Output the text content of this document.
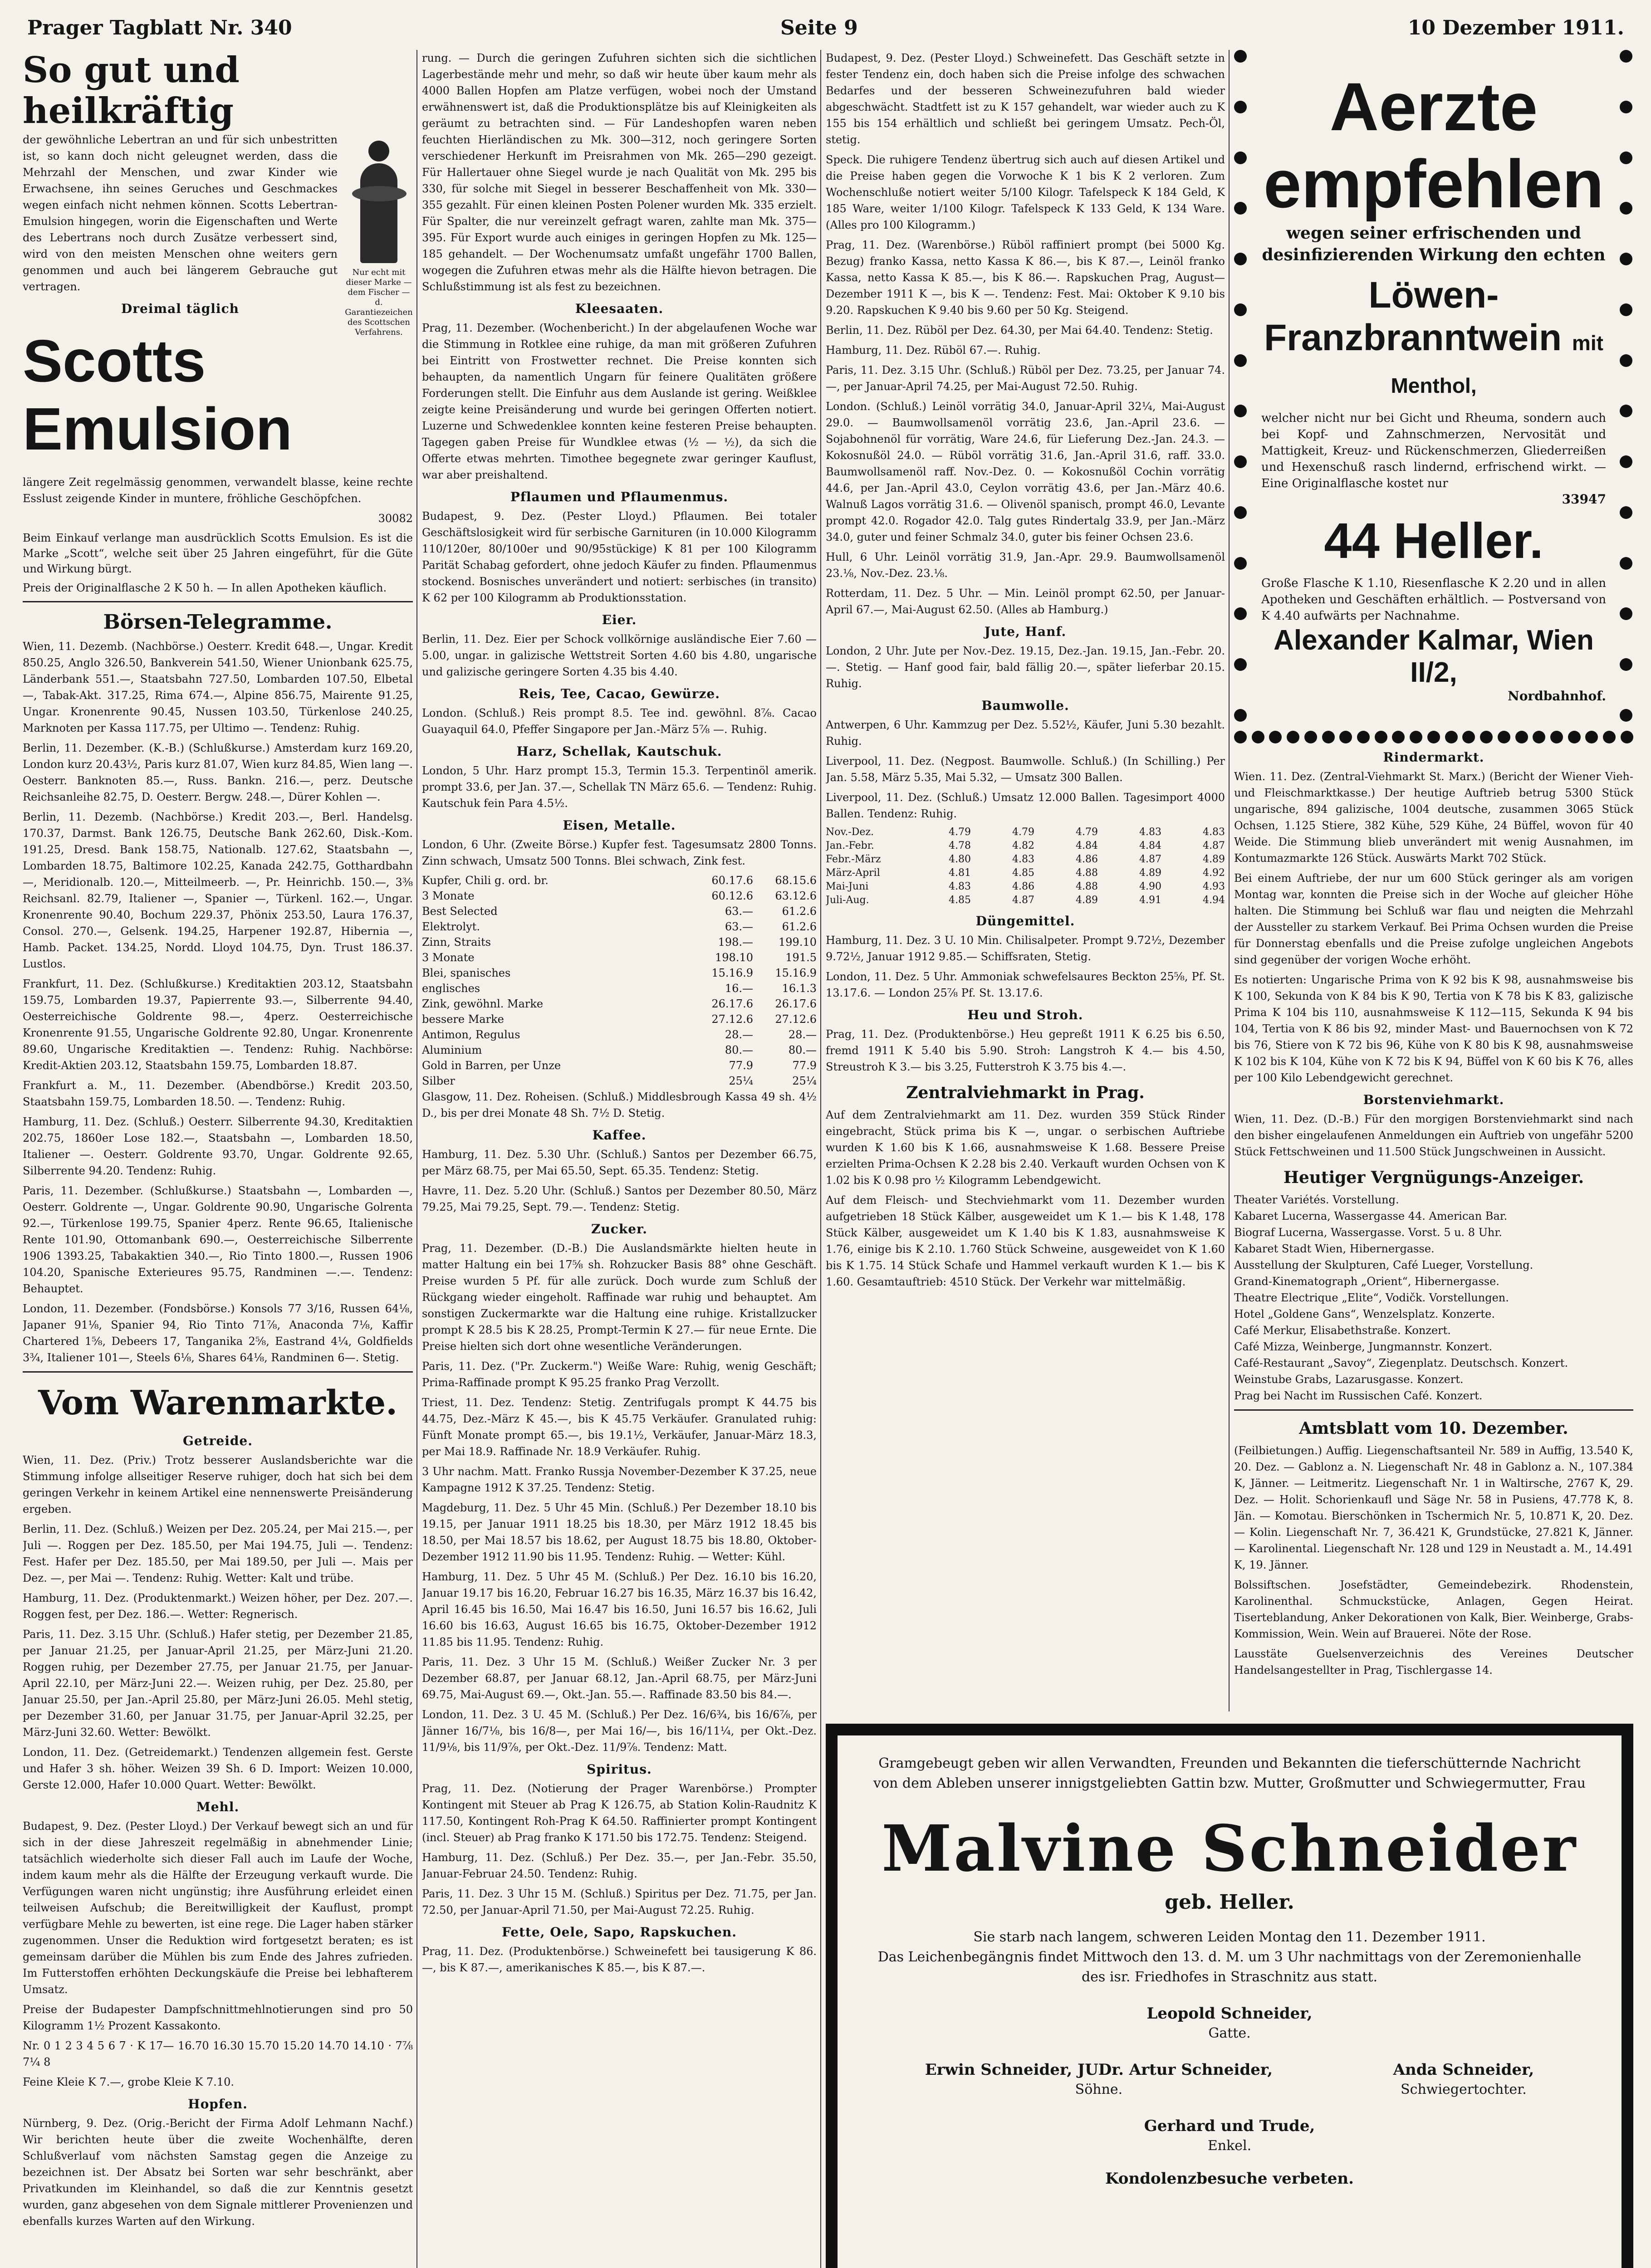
Prager Tagblatt Nr. 340	Seite 9	10 Dezember 1911.
So gut und heilkräftig
Nur echt mit dieser Marke — dem Fischer — d. Garantiezeichen des Scottschen Verfahrens.

der gewöhnliche Lebertran an und für sich unbestritten ist, so kann doch nicht geleugnet werden, dass die Mehrzahl der Menschen, und zwar Kinder wie Erwachsene, ihn seines Geruches und Geschmackes wegen einfach nicht nehmen können. Scotts Lebertran-Emulsion hingegen, worin die Eigenschaften und Werte des Lebertrans noch durch Zusätze verbessert sind, wird von den meisten Menschen ohne weiters gern genommen und auch bei längerem Gebrauche gut vertragen.

Dreimal täglich
Scotts Emulsion

längere Zeit regelmässig genommen, verwandelt blasse, keine rechte Esslust zeigende Kinder in muntere, fröhliche Geschöpfchen.

30082

Beim Einkauf verlange man ausdrücklich Scotts Emulsion. Es ist die Marke „Scott“, welche seit über 25 Jahren eingeführt, für die Güte und Wirkung bürgt.

Preis der Originalflasche 2 K 50 h. — In allen Apotheken käuflich.

Börsen-Telegramme.

Wien, 11. Dezemb. (Nachbörse.) Oesterr. Kredit 648.—, Ungar. Kredit 850.25, Anglo 326.50, Bankverein 541.50, Wiener Unionbank 625.75, Länderbank 551.—, Staatsbahn 727.50, Lombarden 107.50, Elbetal —, Tabak-Akt. 317.25, Rima 674.—, Alpine 856.75, Mairente 91.25, Ungar. Kronenrente 90.45, Nussen 103.50, Türkenlose 240.25, Marknoten per Kassa 117.75, per Ultimo —. Tendenz: Ruhig.

Berlin, 11. Dezember. (K.-B.) (Schlußkurse.) Amsterdam kurz 169.20, London kurz 20.43½, Paris kurz 81.07, Wien kurz 84.85, Wien lang —. Oesterr. Banknoten 85.—, Russ. Bankn. 216.—, perz. Deutsche Reichsanleihe 82.75, D. Oesterr. Bergw. 248.—, Dürer Kohlen —.

Berlin, 11. Dezemb. (Nachbörse.) Kredit 203.—, Berl. Handelsg. 170.37, Darmst. Bank 126.75, Deutsche Bank 262.60, Disk.-Kom. 191.25, Dresd. Bank 158.75, Nationalb. 127.62, Staatsbahn —, Lombarden 18.75, Baltimore 102.25, Kanada 242.75, Gotthardbahn —, Meridionalb. 120.—, Mitteilmeerb. —, Pr. Heinrichb. 150.—, 3⅜ Reichsanl. 82.79, Italiener —, Spanier —, Türkenl. 162.—, Ungar. Kronenrente 90.40, Bochum 229.37, Phönix 253.50, Laura 176.37, Consol. 270.—, Gelsenk. 194.25, Harpener 192.87, Hibernia —, Hamb. Packet. 134.25, Nordd. Lloyd 104.75, Dyn. Trust 186.37. Lustlos.

Frankfurt, 11. Dez. (Schlußkurse.) Kreditaktien 203.12, Staatsbahn 159.75, Lombarden 19.37, Papierrente 93.—, Silberrente 94.40, Oesterreichische Goldrente 98.—, 4perz. Oesterreichische Kronenrente 91.55, Ungarische Goldrente 92.80, Ungar. Kronenrente 89.60, Ungarische Kreditaktien —. Tendenz: Ruhig. Nachbörse: Kredit-Aktien 203.12, Staatsbahn 159.75, Lombarden 18.87.

Frankfurt a. M., 11. Dezember. (Abendbörse.) Kredit 203.50, Staatsbahn 159.75, Lombarden 18.50. —. Tendenz: Ruhig.

Hamburg, 11. Dez. (Schluß.) Oesterr. Silberrente 94.30, Kreditaktien 202.75, 1860er Lose 182.—, Staatsbahn —, Lombarden 18.50, Italiener —. Oesterr. Goldrente 93.70, Ungar. Goldrente 92.65, Silberrente 94.20. Tendenz: Ruhig.

Paris, 11. Dezember. (Schlußkurse.) Staatsbahn —, Lombarden —, Oesterr. Goldrente —, Ungar. Goldrente 90.90, Ungarische Golrenta 92.—, Türkenlose 199.75, Spanier 4perz. Rente 96.65, Italienische Rente 101.90, Ottomanbank 690.—, Oesterreichische Silberrente 1906 1393.25, Tabakaktien 340.—, Rio Tinto 1800.—, Russen 1906 104.20, Spanische Exterieures 95.75, Randminen —.—. Tendenz: Behauptet.

London, 11. Dezember. (Fondsbörse.) Konsols 77 3/16, Russen 64⅛, Japaner 91⅛, Spanier 94, Rio Tinto 71⅞, Anaconda 7⅛, Kaffir Chartered 1⅝, Debeers 17, Tanganika 2⅝, Eastrand 4¼, Goldfields 3¾, Italiener 101—, Steels 6⅛, Shares 64⅛, Randminen 6—. Stetig.

Vom Warenmarkte.
Getreide.

Wien, 11. Dez. (Priv.) Trotz besserer Auslandsberichte war die Stimmung infolge allseitiger Reserve ruhiger, doch hat sich bei dem geringen Verkehr in keinem Artikel eine nennenswerte Preisänderung ergeben.

Berlin, 11. Dez. (Schluß.) Weizen per Dez. 205.24, per Mai 215.—, per Juli —. Roggen per Dez. 185.50, per Mai 194.75, Juli —. Tendenz: Fest. Hafer per Dez. 185.50, per Mai 189.50, per Juli —. Mais per Dez. —, per Mai —. Tendenz: Ruhig. Wetter: Kalt und trübe.

Hamburg, 11. Dez. (Produktenmarkt.) Weizen höher, per Dez. 207.—. Roggen fest, per Dez. 186.—. Wetter: Regnerisch.

Paris, 11. Dez. 3.15 Uhr. (Schluß.) Hafer stetig, per Dezember 21.85, per Januar 21.25, per Januar-April 21.25, per März-Juni 21.20. Roggen ruhig, per Dezember 27.75, per Januar 21.75, per Januar-April 22.10, per März-Juni 22.—. Weizen ruhig, per Dez. 25.80, per Januar 25.50, per Jan.-April 25.80, per März-Juni 26.05. Mehl stetig, per Dezember 31.60, per Januar 31.75, per Januar-April 32.25, per März-Juni 32.60. Wetter: Bewölkt.

London, 11. Dez. (Getreidemarkt.) Tendenzen allgemein fest. Gerste und Hafer 3 sh. höher. Weizen 39 Sh. 6 D. Import: Weizen 10.000, Gerste 12.000, Hafer 10.000 Quart. Wetter: Bewölkt.

Mehl.

Budapest, 9. Dez. (Pester Lloyd.) Der Verkauf bewegt sich an und für sich in der diese Jahreszeit regelmäßig in abnehmender Linie; tatsächlich wiederholte sich dieser Fall auch im Laufe der Woche, indem kaum mehr als die Hälfte der Erzeugung verkauft wurde. Die Verfügungen waren nicht ungünstig; ihre Ausführung erleidet einen teilweisen Aufschub; die Bereitwilligkeit der Kauflust, prompt verfügbare Mehle zu bewerten, ist eine rege. Die Lager haben stärker zugenommen. Unser die Reduktion wird fortgesetzt beraten; es ist gemeinsam darüber die Mühlen bis zum Ende des Jahres zufrieden. Im Futterstoffen erhöhten Deckungskäufe die Preise bei lebhafterem Umsatz.

Preise der Budapester Dampfschnittmehlnotierungen sind pro 50 Kilogramm 1½ Prozent Kassakonto.

Nr. 0 1 2 3 4 5 6 7 · K 17— 16.70 16.30 15.70 15.20 14.70 14.10 · 7⅞ 7¼ 8

Feine Kleie K 7.—, grobe Kleie K 7.10.

Hopfen.

Nürnberg, 9. Dez. (Orig.-Bericht der Firma Adolf Lehmann Nachf.) Wir berichten heute über die zweite Wochenhälfte, deren Schlußverlauf vom nächsten Samstag gegen die Anzeige zu bezeichnen ist. Der Absatz bei Sorten war sehr beschränkt, aber Privatkunden im Kleinhandel, so daß die zur Kenntnis gesetzt wurden, ganz abgesehen von dem Signale mittlerer Provenienzen und ebenfalls kurzes Warten auf den Wirkung.

rung. — Durch die geringen Zufuhren sichten sich die sichtlichen Lagerbestände mehr und mehr, so daß wir heute über kaum mehr als 4000 Ballen Hopfen am Platze verfügen, wobei noch der Umstand erwähnenswert ist, daß die Produktionsplätze bis auf Kleinigkeiten als geräumt zu betrachten sind. — Für Landeshopfen waren neben feuchten Hierländischen zu Mk. 300—312, noch geringere Sorten verschiedener Herkunft im Preisrahmen von Mk. 265—290 gezeigt. Für Hallertauer ohne Siegel wurde je nach Qualität von Mk. 295 bis 330, für solche mit Siegel in besserer Beschaffenheit von Mk. 330—355 gezahlt. Für einen kleinen Posten Polener wurden Mk. 335 erzielt. Für Spalter, die nur vereinzelt gefragt waren, zahlte man Mk. 375—395. Für Export wurde auch einiges in geringen Hopfen zu Mk. 125—185 gehandelt. — Der Wochenumsatz umfaßt ungefähr 1700 Ballen, wogegen die Zufuhren etwas mehr als die Hälfte hievon betragen. Die Schlußstimmung ist als fest zu bezeichnen.

Kleesaaten.

Prag, 11. Dezember. (Wochenbericht.) In der abgelaufenen Woche war die Stimmung in Rotklee eine ruhige, da man mit größeren Zufuhren bei Eintritt von Frostwetter rechnet. Die Preise konnten sich behaupten, da namentlich Ungarn für feinere Qualitäten größere Forderungen stellt. Die Einfuhr aus dem Auslande ist gering. Weißklee zeigte keine Preisänderung und wurde bei geringen Offerten notiert. Luzerne und Schwedenklee konnten keine festeren Preise behaupten. Tagegen gaben Preise für Wundklee etwas (½ — ½), da sich die Offerte etwas mehrten. Timothee begegnete zwar geringer Kauflust, war aber preishaltend.

Pflaumen und Pflaumenmus.

Budapest, 9. Dez. (Pester Lloyd.) Pflaumen. Bei totaler Geschäftslosigkeit wird für serbische Garnituren (in 10.000 Kilogramm 110/120er, 80/100er und 90/95stückige) K 81 per 100 Kilogramm Parität Schabag gefordert, ohne jedoch Käufer zu finden. Pflaumenmus stockend. Bosnisches unverändert und notiert: serbisches (in transito) K 62 per 100 Kilogramm ab Produktionsstation.

Eier.

Berlin, 11. Dez. Eier per Schock vollkörnige ausländische Eier 7.60 — 5.00, ungar. in galizische Wettstreit Sorten 4.60 bis 4.80, ungarische und galizische geringere Sorten 4.35 bis 4.40.

Reis, Tee, Cacao, Gewürze.

London. (Schluß.) Reis prompt 8.5. Tee ind. gewöhnl. 8⅞. Cacao Guayaquil 64.0, Pfeffer Singapore per Jan.-März 5⅞ —. Ruhig.

Harz, Schellak, Kautschuk.

London, 5 Uhr. Harz prompt 15.3, Termin 15.3. Terpentinöl amerik. prompt 33.6, per Jan. 37.—, Schellak TN März 65.6. — Tendenz: Ruhig. Kautschuk fein Para 4.5½.

Eisen, Metalle.

London, 6 Uhr. (Zweite Börse.) Kupfer fest. Tagesumsatz 2800 Tonns. Zinn schwach, Umsatz 500 Tonns. Blei schwach, Zink fest.

Kupfer, Chili g. ord. br.	60.17.6	68.15.6
3 Monate	60.12.6	63.12.6
Best Selected	63.—	61.2.6
Elektrolyt.	63.—	61.2.6
Zinn, Straits	198.—	199.10
3 Monate	198.10	191.5
Blei, spanisches	15.16.9	15.16.9
englisches	16.—	16.1.3
Zink, gewöhnl. Marke	26.17.6	26.17.6
bessere Marke	27.12.6	27.12.6
Antimon, Regulus	28.—	28.—
Aluminium	80.—	80.—
Gold in Barren, per Unze	77.9	77.9
Silber	25¼	25¼

Glasgow, 11. Dez. Roheisen. (Schluß.) Middlesbrough Kassa 49 sh. 4½ D., bis per drei Monate 48 Sh. 7½ D. Stetig.

Kaffee.

Hamburg, 11. Dez. 5.30 Uhr. (Schluß.) Santos per Dezember 66.75, per März 68.75, per Mai 65.50, Sept. 65.35. Tendenz: Stetig.

Havre, 11. Dez. 5.20 Uhr. (Schluß.) Santos per Dezember 80.50, März 79.25, Mai 79.25, Sept. 79.—. Tendenz: Stetig.

Zucker.

Prag, 11. Dezember. (D.-B.) Die Auslandsmärkte hielten heute in matter Haltung ein bei 17⅝ sh. Rohzucker Basis 88° ohne Geschäft. Preise wurden 5 Pf. für alle zurück. Doch wurde zum Schluß der Rückgang wieder eingeholt. Raffinade war ruhig und behauptet. Am sonstigen Zuckermarkte war die Haltung eine ruhige. Kristallzucker prompt K 28.5 bis K 28.25, Prompt-Termin K 27.— für neue Ernte. Die Preise hielten sich dort ohne wesentliche Veränderungen.

Paris, 11. Dez. ("Pr. Zuckerm.") Weiße Ware: Ruhig, wenig Geschäft; Prima-Raffinade prompt K 95.25 franko Prag Verzollt.

Triest, 11. Dez. Tendenz: Stetig. Zentrifugals prompt K 44.75 bis 44.75, Dez.-März K 45.—, bis K 45.75 Verkäufer. Granulated ruhig: Fünft Monate prompt 65.—, bis 19.1½, Verkäufer, Januar-März 18.3, per Mai 18.9. Raffinade Nr. 18.9 Verkäufer. Ruhig.

3 Uhr nachm. Matt. Franko Russja November-Dezember K 37.25, neue Kampagne 1912 K 37.25. Tendenz: Stetig.

Magdeburg, 11. Dez. 5 Uhr 45 Min. (Schluß.) Per Dezember 18.10 bis 19.15, per Januar 1911 18.25 bis 18.30, per März 1912 18.45 bis 18.50, per Mai 18.57 bis 18.62, per August 18.75 bis 18.80, Oktober-Dezember 1912 11.90 bis 11.95. Tendenz: Ruhig. — Wetter: Kühl.

Hamburg, 11. Dez. 5 Uhr 45 M. (Schluß.) Per Dez. 16.10 bis 16.20, Januar 19.17 bis 16.20, Februar 16.27 bis 16.35, März 16.37 bis 16.42, April 16.45 bis 16.50, Mai 16.47 bis 16.50, Juni 16.57 bis 16.62, Juli 16.60 bis 16.63, August 16.65 bis 16.75, Oktober-Dezember 1912 11.85 bis 11.95. Tendenz: Ruhig.

Paris, 11. Dez. 3 Uhr 15 M. (Schluß.) Weißer Zucker Nr. 3 per Dezember 68.87, per Januar 68.12, Jan.-April 68.75, per März-Juni 69.75, Mai-August 69.—, Okt.-Jan. 55.—. Raffinade 83.50 bis 84.—.

London, 11. Dez. 3 U. 45 M. (Schluß.) Per Dez. 16/6¾, bis 16/6⅞, per Jänner 16/7⅛, bis 16/8—, per Mai 16/—, bis 16/11¼, per Okt.-Dez. 11/9⅛, bis 11/9⅞, per Okt.-Dez. 11/9⅞. Tendenz: Matt.

Spiritus.

Prag, 11. Dez. (Notierung der Prager Warenbörse.) Prompter Kontingent mit Steuer ab Prag K 126.75, ab Station Kolin-Raudnitz K 117.50, Kontingent Roh-Prag K 64.50. Raffinierter prompt Kontingent (incl. Steuer) ab Prag franko K 171.50 bis 172.75. Tendenz: Steigend.

Hamburg, 11. Dez. (Schluß.) Per Dez. 35.—, per Jan.-Febr. 35.50, Januar-Februar 24.50. Tendenz: Ruhig.

Paris, 11. Dez. 3 Uhr 15 M. (Schluß.) Spiritus per Dez. 71.75, per Jan. 72.50, per Januar-April 71.50, per Mai-August 72.25. Ruhig.

Fette, Oele, Sapo, Rapskuchen.

Prag, 11. Dez. (Produktenbörse.) Schweinefett bei tausigerung K 86.—, bis K 87.—, amerikanisches K 85.—, bis K 87.—.

Budapest, 9. Dez. (Pester Lloyd.) Schweinefett. Das Geschäft setzte in fester Tendenz ein, doch haben sich die Preise infolge des schwachen Bedarfes und der besseren Schweinezufuhren bald wieder abgeschwächt. Stadtfett ist zu K 157 gehandelt, war wieder auch zu K 155 bis 154 erhältlich und schließt bei geringem Umsatz. Pech-Öl, stetig.

Speck. Die ruhigere Tendenz übertrug sich auch auf diesen Artikel und die Preise haben gegen die Vorwoche K 1 bis K 2 verloren. Zum Wochenschluße notiert weiter 5/100 Kilogr. Tafelspeck K 184 Geld, K 185 Ware, weiter 1/100 Kilogr. Tafelspeck K 133 Geld, K 134 Ware. (Alles pro 100 Kilogramm.)

Prag, 11. Dez. (Warenbörse.) Rüböl raffiniert prompt (bei 5000 Kg. Bezug) franko Kassa, netto Kassa K 86.—, bis K 87.—, Leinöl franko Kassa, netto Kassa K 85.—, bis K 86.—. Rapskuchen Prag, August—Dezember 1911 K —, bis K —. Tendenz: Fest. Mai: Oktober K 9.10 bis 9.20. Rapskuchen K 9.40 bis 9.60 per 50 Kg. Steigend.

Berlin, 11. Dez. Rüböl per Dez. 64.30, per Mai 64.40. Tendenz: Stetig.

Hamburg, 11. Dez. Rüböl 67.—. Ruhig.

Paris, 11. Dez. 3.15 Uhr. (Schluß.) Rüböl per Dez. 73.25, per Januar 74.—, per Januar-April 74.25, per Mai-August 72.50. Ruhig.

London. (Schluß.) Leinöl vorrätig 34.0, Januar-April 32¼, Mai-August 29.0. — Baumwollsamenöl vorrätig 23.6, Jan.-April 23.6. — Sojabohnenöl für vorrätig, Ware 24.6, für Lieferung Dez.-Jan. 24.3. — Kokosnußöl 24.0. — Rüböl vorrätig 31.6, Jan.-April 31.6, raff. 33.0. Baumwollsamenöl raff. Nov.-Dez. 0. — Kokosnußöl Cochin vorrätig 44.6, per Jan.-April 43.0, Ceylon vorrätig 43.6, per Jan.-März 40.6. Walnuß Lagos vorrätig 31.6. — Olivenöl spanisch, prompt 46.0, Levante prompt 42.0. Rogador 42.0. Talg gutes Rindertalg 33.9, per Jan.-März 34.0, guter und feiner Schmalz 34.0, guter bis feiner Ochsen 23.6.

Hull, 6 Uhr. Leinöl vorrätig 31.9, Jan.-Apr. 29.9. Baumwollsamenöl 23.⅛, Nov.-Dez. 23.⅛.

Rotterdam, 11. Dez. 5 Uhr. — Min. Leinöl prompt 62.50, per Januar-April 67.—, Mai-August 62.50. (Alles ab Hamburg.)

Jute, Hanf.

London, 2 Uhr. Jute per Nov.-Dez. 19.15, Dez.-Jan. 19.15, Jan.-Febr. 20.—. Stetig. — Hanf good fair, bald fällig 20.—, später lieferbar 20.15. Ruhig.

Baumwolle.

Antwerpen, 6 Uhr. Kammzug per Dez. 5.52½, Käufer, Juni 5.30 bezahlt. Ruhig.

Liverpool, 11. Dez. (Negpost. Baumwolle. Schluß.) (In Schilling.) Per Jan. 5.58, März 5.35, Mai 5.32, — Umsatz 300 Ballen.

Liverpool, 11. Dez. (Schluß.) Umsatz 12.000 Ballen. Tagesimport 4000 Ballen. Tendenz: Ruhig.

Nov.-Dez.	4.79	4.79	4.79	4.83	4.83
Jan.-Febr.	4.78	4.82	4.84	4.84	4.87
Febr.-März	4.80	4.83	4.86	4.87	4.89
März-April	4.81	4.85	4.88	4.89	4.92
Mai-Juni	4.83	4.86	4.88	4.90	4.93
Juli-Aug.	4.85	4.87	4.89	4.91	4.94
Düngemittel.

Hamburg, 11. Dez. 3 U. 10 Min. Chilisalpeter. Prompt 9.72½, Dezember 9.72½, Januar 1912 9.85.— Schiffsraten, Stetig.

London, 11. Dez. 5 Uhr. Ammoniak schwefelsaures Beckton 25⅝, Pf. St. 13.17.6. — London 25⅞ Pf. St. 13.17.6.

Heu und Stroh.

Prag, 11. Dez. (Produktenbörse.) Heu gepreßt 1911 K 6.25 bis 6.50, fremd 1911 K 5.40 bis 5.90. Stroh: Langstroh K 4.— bis 4.50, Streustroh K 3.— bis 3.25, Futterstroh K 3.75 bis 4.—.

Zentralviehmarkt in Prag.

Auf dem Zentralviehmarkt am 11. Dez. wurden 359 Stück Rinder eingebracht, Stück prima bis K —, ungar. o serbischen Auftriebe wurden K 1.60 bis K 1.66, ausnahmsweise K 1.68. Bessere Preise erzielten Prima-Ochsen K 2.28 bis 2.40. Verkauft wurden Ochsen von K 1.02 bis K 0.98 pro ½ Kilogramm Lebendgewicht.

Auf dem Fleisch- und Stechviehmarkt vom 11. Dezember wurden aufgetrieben 18 Stück Kälber, ausgeweidet um K 1.— bis K 1.48, 178 Stück Kälber, ausgeweidet um K 1.40 bis K 1.83, ausnahmsweise K 1.76, einige bis K 2.10. 1.760 Stück Schweine, ausgeweidet von K 1.60 bis K 1.75. 14 Stück Schafe und Hammel verkauft wurden K 1.— bis K 1.60. Gesamtauftrieb: 4510 Stück. Der Verkehr war mittelmäßig.

Aerzte empfehlen
wegen seiner erfrischenden und desinfizierenden Wirkung den echten
Löwen-Franzbranntwein mit Menthol,
welcher nicht nur bei Gicht und Rheuma, sondern auch bei Kopf- und Zahnschmerzen, Nervosität und Mattigkeit, Kreuz- und Rückenschmerzen, Gliederreißen und Hexenschuß rasch lindernd, erfrischend wirkt. — Eine Originalflasche kostet nur
33947
44 Heller.
Große Flasche K 1.10, Riesenflasche K 2.20 und in allen Apotheken und Geschäften erhältlich. — Postversand von K 4.40 aufwärts per Nachnahme.
Alexander Kalmar, Wien II/2,
Nordbahnhof.
Rindermarkt.

Wien. 11. Dez. (Zentral-Viehmarkt St. Marx.) (Bericht der Wiener Vieh- und Fleischmarktkasse.) Der heutige Auftrieb betrug 5300 Stück ungarische, 894 galizische, 1004 deutsche, zusammen 3065 Stück Ochsen, 1.125 Stiere, 382 Kühe, 529 Kühe, 24 Büffel, wovon für 40 Weide. Die Stimmung blieb unverändert mit wenig Ausnahmen, im Kontumazmarkte 126 Stück. Auswärts Markt 702 Stück.

Bei einem Auftriebe, der nur um 600 Stück geringer als am vorigen Montag war, konnten die Preise sich in der Woche auf gleicher Höhe halten. Die Stimmung bei Schluß war flau und neigten die Mehrzahl der Aussteller zu starkem Verkauf. Bei Prima Ochsen wurden die Preise für Donnerstag ebenfalls und die Preise zufolge ungleichen Angebots sind gegenüber der vorigen Woche erhöht.

Es notierten: Ungarische Prima von K 92 bis K 98, ausnahmsweise bis K 100, Sekunda von K 84 bis K 90, Tertia von K 78 bis K 83, galizische Prima K 104 bis 110, ausnahmsweise K 112—115, Sekunda K 94 bis 104, Tertia von K 86 bis 92, minder Mast- und Bauernochsen von K 72 bis 76, Stiere von K 72 bis 96, Kühe von K 80 bis K 98, ausnahmsweise K 102 bis K 104, Kühe von K 72 bis K 94, Büffel von K 60 bis K 76, alles per 100 Kilo Lebendgewicht gerechnet.

Borstenviehmarkt.

Wien, 11. Dez. (D.-B.) Für den morgigen Borstenviehmarkt sind nach den bisher eingelaufenen Anmeldungen ein Auftrieb von ungefähr 5200 Stück Fettschweinen und 11.500 Stück Jungschweinen in Aussicht.

Heutiger Vergnügungs-Anzeiger.
Theater Variétés. Vorstellung.
Kabaret Lucerna, Wassergasse 44. American Bar.
Biograf Lucerna, Wassergasse. Vorst. 5 u. 8 Uhr.
Kabaret Stadt Wien, Hibernergasse.
Ausstellung der Skulpturen, Café Lueger, Vorstellung.
Grand-Kinematograph „Orient“, Hibernergasse.
Theatre Electrique „Elite“, Vodičk. Vorstellungen.
Hotel „Goldene Gans“, Wenzelsplatz. Konzerte.
Café Merkur, Elisabethstraße. Konzert.
Café Mizza, Weinberge, Jungmannstr. Konzert.
Café-Restaurant „Savoy“, Ziegenplatz. Deutschsch. Konzert.
Weinstube Grabs, Lazarusgasse. Konzert.
Prag bei Nacht im Russischen Café. Konzert.
Amtsblatt vom 10. Dezember.

(Feilbietungen.) Auffig. Liegenschaftsanteil Nr. 589 in Auffig, 13.540 K, 20. Dez. — Gablonz a. N. Liegenschaft Nr. 48 in Gablonz a. N., 107.384 K, Jänner. — Leitmeritz. Liegenschaft Nr. 1 in Waltirsche, 2767 K, 29. Dez. — Holit. Schorienkaufl und Säge Nr. 58 in Pusiens, 47.778 K, 8. Jän. — Komotau. Bierschönken in Tschermich Nr. 5, 10.871 K, 20. Dez. — Kolin. Liegenschaft Nr. 7, 36.421 K, Grundstücke, 27.821 K, Jänner. — Karolinental. Liegenschaft Nr. 128 und 129 in Neustadt a. M., 14.491 K, 19. Jänner.

Bolssiftschen. Josefstädter, Gemeindebezirk. Rhodenstein, Karolinenthal. Schmuckstücke, Anlagen, Gegen Heirat. Tiserteblandung, Anker Dekorationen von Kalk, Bier. Weinberge, Grabs-Kommission, Wein. Wein auf Brauerei. Nöte der Rose.

Lausstäte Guelsenverzeichnis des Vereines Deutscher Handelsangestellter in Prag, Tischlergasse 14.

Gramgebeugt geben wir allen Verwandten, Freunden und Bekannten die tieferschütternde Nachricht von dem Ableben unserer innigstgeliebten Gattin bzw. Mutter, Großmutter und Schwiegermutter, Frau
Malvine Schneider
geb. Heller.
Sie starb nach langem, schweren Leiden Montag den 11. Dezember 1911.
Das Leichenbegängnis findet Mittwoch den 13. d. M. um 3 Uhr nachmittags von der Zeremonienhalle des isr. Friedhofes in Straschnitz aus statt.
Leopold Schneider,
Gatte.
Erwin Schneider, JUDr. Artur Schneider,
Söhne.
Anda Schneider,
Schwiegertochter.
Gerhard und Trude,
Enkel.
Kondolenzbesuche verbeten.
